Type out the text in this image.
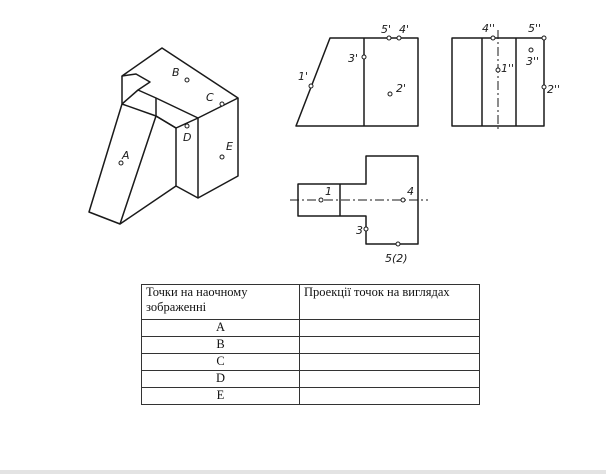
A
B
C
D
E
1'
2'
3'
4'
5'
1''
2''
3''
4''	5''
1
3
4
5(2)
Точки на наочному зображенні	Проекції точок на виглядах
A	
B	
C	
D	
E	
